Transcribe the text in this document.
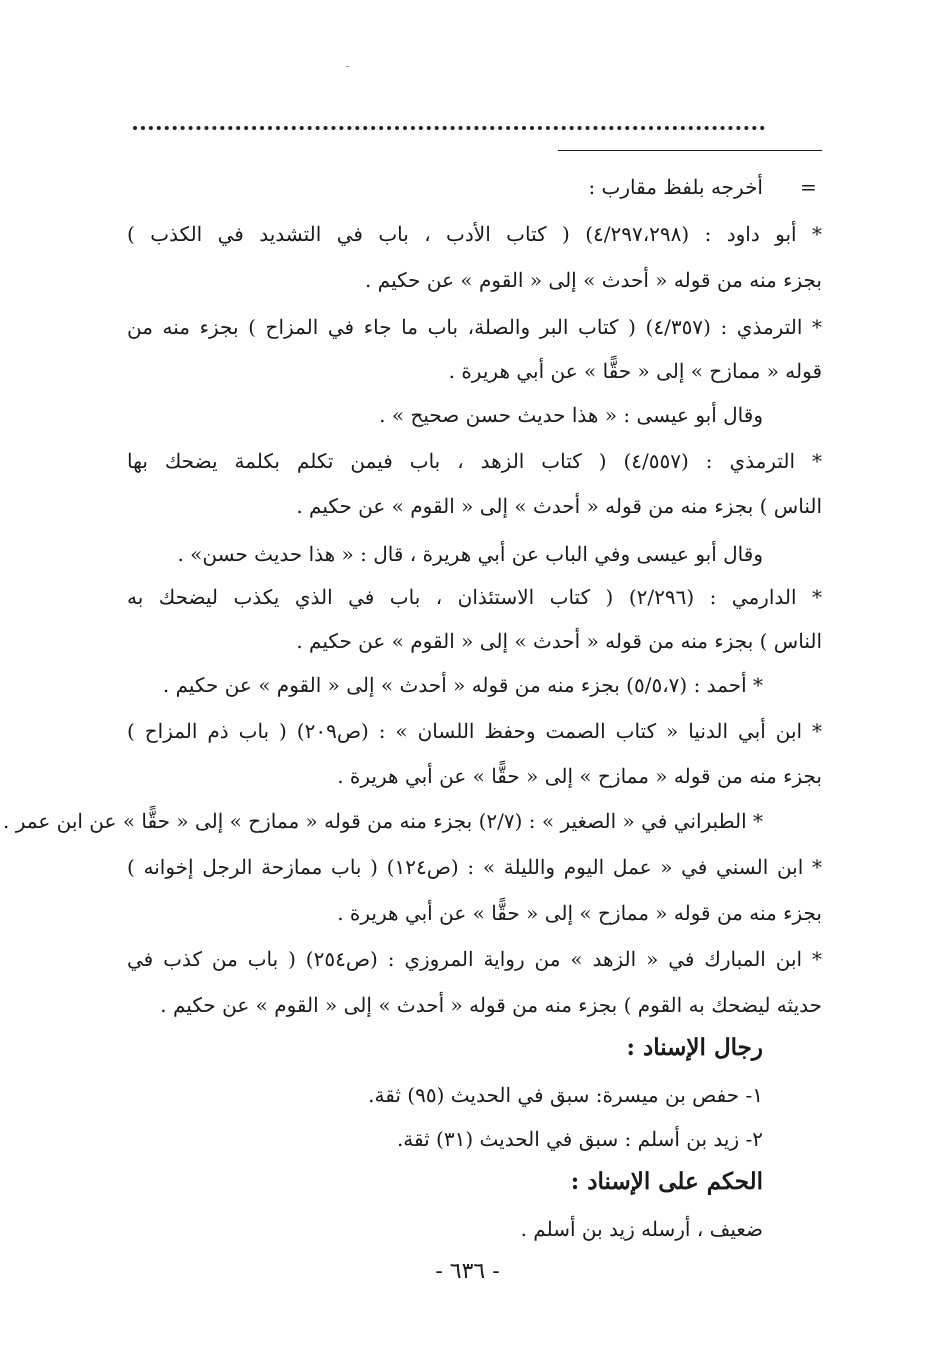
=
أخرجه بلفظ مقارب :
* أبو داود : (٤/٢٩٧،٢٩٨) ( كتاب الأدب ، باب في التشديد في الكذب )
بجزء منه من قوله « أحدث » إلى « القوم » عن حكيم .
* الترمذي : (٤/٣٥٧) ( كتاب البر والصلة، باب ما جاء في المزاح ) بجزء منه من
قوله « ممازح » إلى « حقًّا » عن أبي هريرة .
وقال أبو عيسى : « هذا حديث حسن صحيح » .
* الترمذي : (٤/٥٥٧) ( كتاب الزهد ، باب فيمن تكلم بكلمة يضحك بها
الناس ) بجزء منه من قوله « أحدث » إلى « القوم » عن حكيم .
وقال أبو عيسى وفي الباب عن أبي هريرة ، قال : « هذا حديث حسن» .
* الدارمي : (٢/٢٩٦) ( كتاب الاستئذان ، باب في الذي يكذب ليضحك به
الناس ) بجزء منه من قوله « أحدث » إلى « القوم » عن حكيم .
* أحمد : (٥/٥،٧) بجزء منه من قوله « أحدث » إلى « القوم » عن حكيم .
* ابن أبي الدنيا « كتاب الصمت وحفظ اللسان » : (ص٢٠٩) ( باب ذم المزاح )
بجزء منه من قوله « ممازح » إلى « حقًّا » عن أبي هريرة .
* الطبراني في « الصغير » : (٢/٧) بجزء منه من قوله « ممازح » إلى « حقًّا » عن ابن عمر .
* ابن السني في « عمل اليوم والليلة » : (ص١٢٤) ( باب ممازحة الرجل إخوانه )
بجزء منه من قوله « ممازح » إلى « حقًّا » عن أبي هريرة .
* ابن المبارك في « الزهد » من رواية المروزي : (ص٢٥٤) ( باب من كذب في
حديثه ليضحك به القوم ) بجزء منه من قوله « أحدث » إلى « القوم » عن حكيم .
رجال الإسناد :
١- حفص بن ميسرة: سبق في الحديث (٩٥) ثقة.
٢- زيد بن أسلم : سبق في الحديث (٣١) ثقة.
الحكم على الإسناد :
ضعيف ، أرسله زيد بن أسلم .
- ٦٣٦ -
